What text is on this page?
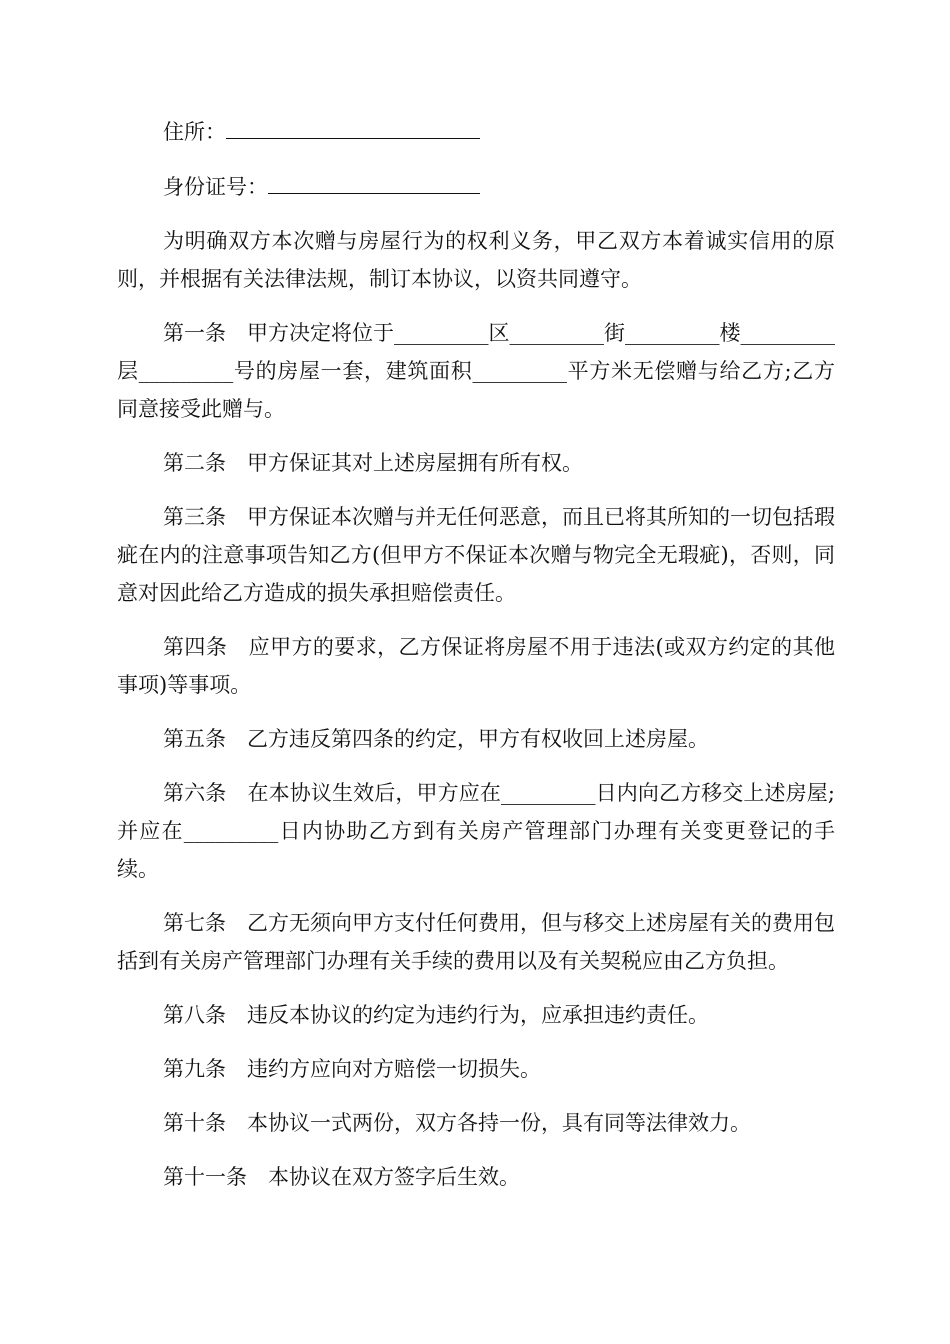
住所：
身份证号：

为明确双方本次赠与房屋行为的权利义务，甲乙双方本着诚实信用的原则，并根据有关法律法规，制订本协议，以资共同遵守。

第一条　甲方决定将位于_________区_________街_________楼_________层_________号的房屋一套，建筑面积_________平方米无偿赠与给乙方;乙方同意接受此赠与。

第二条　甲方保证其对上述房屋拥有所有权。

第三条　甲方保证本次赠与并无任何恶意，而且已将其所知的一切包括瑕疵在内的注意事项告知乙方(但甲方不保证本次赠与物完全无瑕疵)，否则，同意对因此给乙方造成的损失承担赔偿责任。

第四条　应甲方的要求，乙方保证将房屋不用于违法(或双方约定的其他事项)等事项。

第五条　乙方违反第四条的约定，甲方有权收回上述房屋。

第六条　在本协议生效后，甲方应在_________日内向乙方移交上述房屋;并应在_________日内协助乙方到有关房产管理部门办理有关变更登记的手续。

第七条　乙方无须向甲方支付任何费用，但与移交上述房屋有关的费用包括到有关房产管理部门办理有关手续的费用以及有关契税应由乙方负担。

第八条　违反本协议的约定为违约行为，应承担违约责任。

第九条　违约方应向对方赔偿一切损失。

第十条　本协议一式两份，双方各持一份，具有同等法律效力。

第十一条　本协议在双方签字后生效。
